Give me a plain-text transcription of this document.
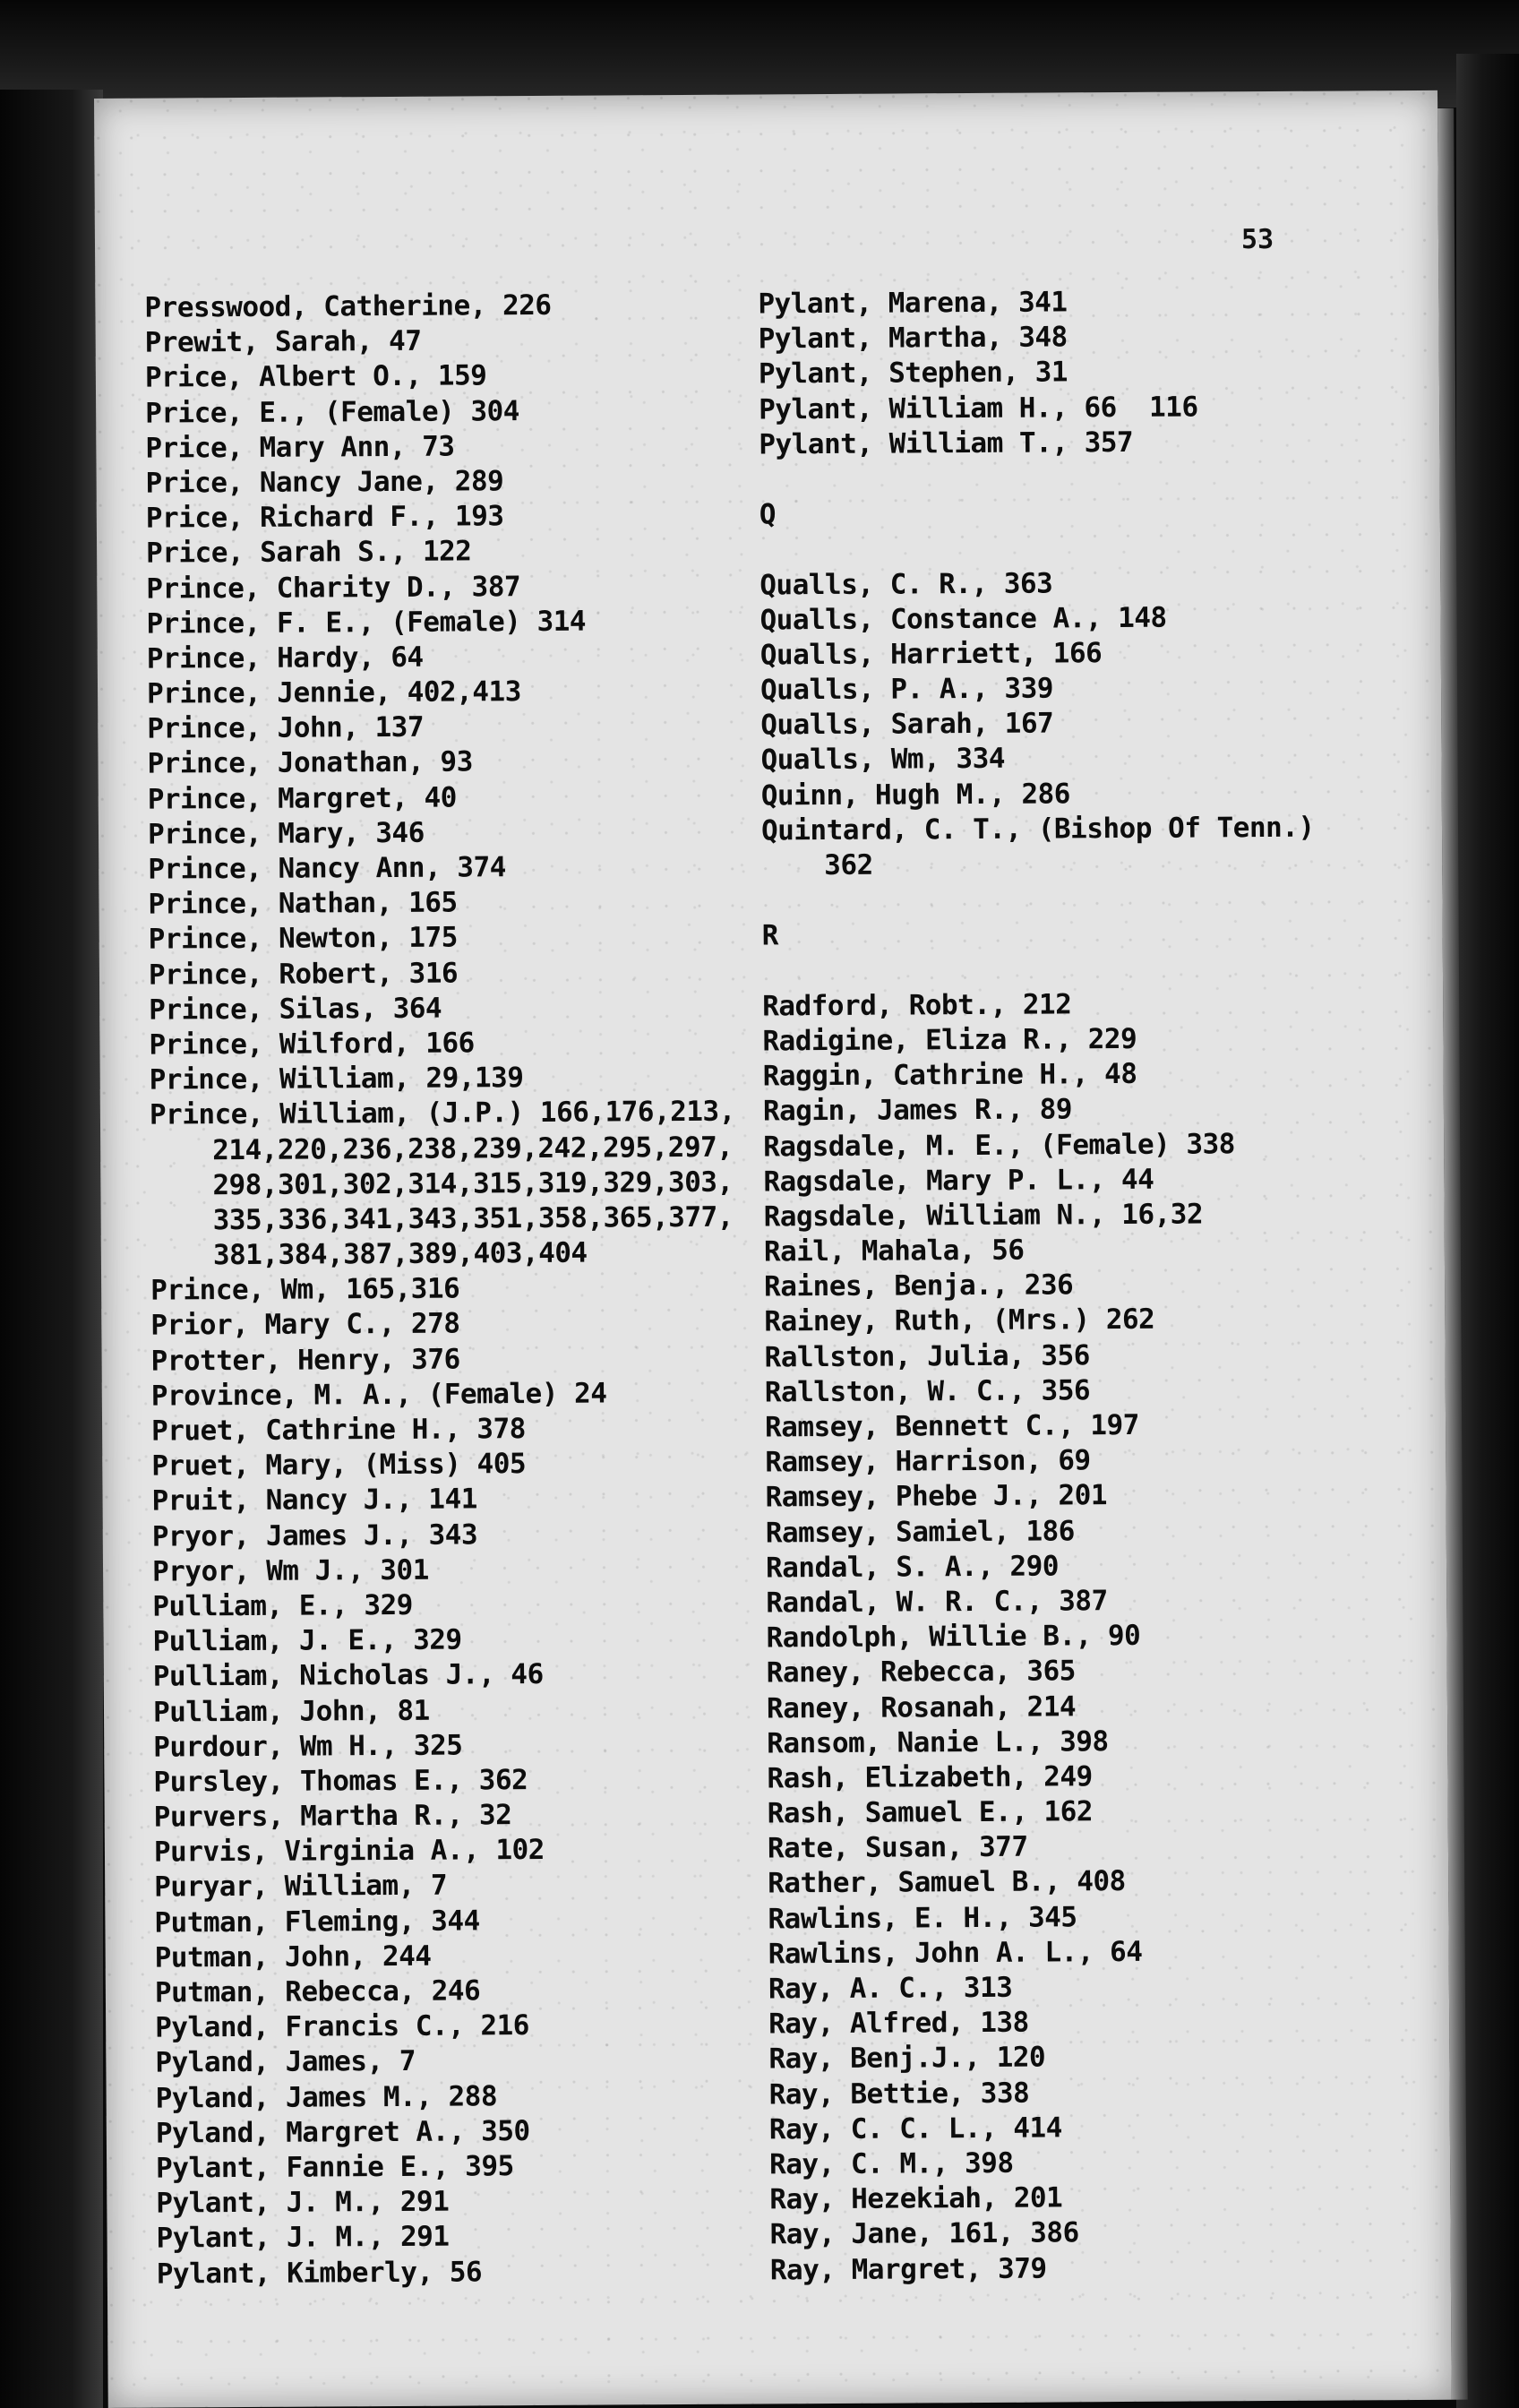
53
Presswood, Catherine, 226
Prewit, Sarah, 47
Price, Albert O., 159
Price, E., (Female) 304
Price, Mary Ann, 73
Price, Nancy Jane, 289
Price, Richard F., 193
Price, Sarah S., 122
Prince, Charity D., 387
Prince, F. E., (Female) 314
Prince, Hardy, 64
Prince, Jennie, 402,413
Prince, John, 137
Prince, Jonathan, 93
Prince, Margret, 40
Prince, Mary, 346
Prince, Nancy Ann, 374
Prince, Nathan, 165
Prince, Newton, 175
Prince, Robert, 316
Prince, Silas, 364
Prince, Wilford, 166
Prince, William, 29,139
Prince, William, (J.P.) 166,176,213,
214,220,236,238,239,242,295,297,
298,301,302,314,315,319,329,303,
335,336,341,343,351,358,365,377,
381,384,387,389,403,404
Prince, Wm, 165,316
Prior, Mary C., 278
Protter, Henry, 376
Province, M. A., (Female) 24
Pruet, Cathrine H., 378
Pruet, Mary, (Miss) 405
Pruit, Nancy J., 141
Pryor, James J., 343
Pryor, Wm J., 301
Pulliam, E., 329
Pulliam, J. E., 329
Pulliam, Nicholas J., 46
Pulliam, John, 81
Purdour, Wm H., 325
Pursley, Thomas E., 362
Purvers, Martha R., 32
Purvis, Virginia A., 102
Puryar, William, 7
Putman, Fleming, 344
Putman, John, 244
Putman, Rebecca, 246
Pyland, Francis C., 216
Pyland, James, 7
Pyland, James M., 288
Pyland, Margret A., 350
Pylant, Fannie E., 395
Pylant, J. M., 291
Pylant, J. M., 291
Pylant, Kimberly, 56
Pylant, Marena, 341
Pylant, Martha, 348
Pylant, Stephen, 31
Pylant, William H., 66  116
Pylant, William T., 357
Q
Qualls, C. R., 363
Qualls, Constance A., 148
Qualls, Harriett, 166
Qualls, P. A., 339
Qualls, Sarah, 167
Qualls, Wm, 334
Quinn, Hugh M., 286
Quintard, C. T., (Bishop Of Tenn.)
362
R
Radford, Robt., 212
Radigine, Eliza R., 229
Raggin, Cathrine H., 48
Ragin, James R., 89
Ragsdale, M. E., (Female) 338
Ragsdale, Mary P. L., 44
Ragsdale, William N., 16,32
Rail, Mahala, 56
Raines, Benja., 236
Rainey, Ruth, (Mrs.) 262
Rallston, Julia, 356
Rallston, W. C., 356
Ramsey, Bennett C., 197
Ramsey, Harrison, 69
Ramsey, Phebe J., 201
Ramsey, Samiel, 186
Randal, S. A., 290
Randal, W. R. C., 387
Randolph, Willie B., 90
Raney, Rebecca, 365
Raney, Rosanah, 214
Ransom, Nanie L., 398
Rash, Elizabeth, 249
Rash, Samuel E., 162
Rate, Susan, 377
Rather, Samuel B., 408
Rawlins, E. H., 345
Rawlins, John A. L., 64
Ray, A. C., 313
Ray, Alfred, 138
Ray, Benj.J., 120
Ray, Bettie, 338
Ray, C. C. L., 414
Ray, C. M., 398
Ray, Hezekiah, 201
Ray, Jane, 161, 386
Ray, Margret, 379
